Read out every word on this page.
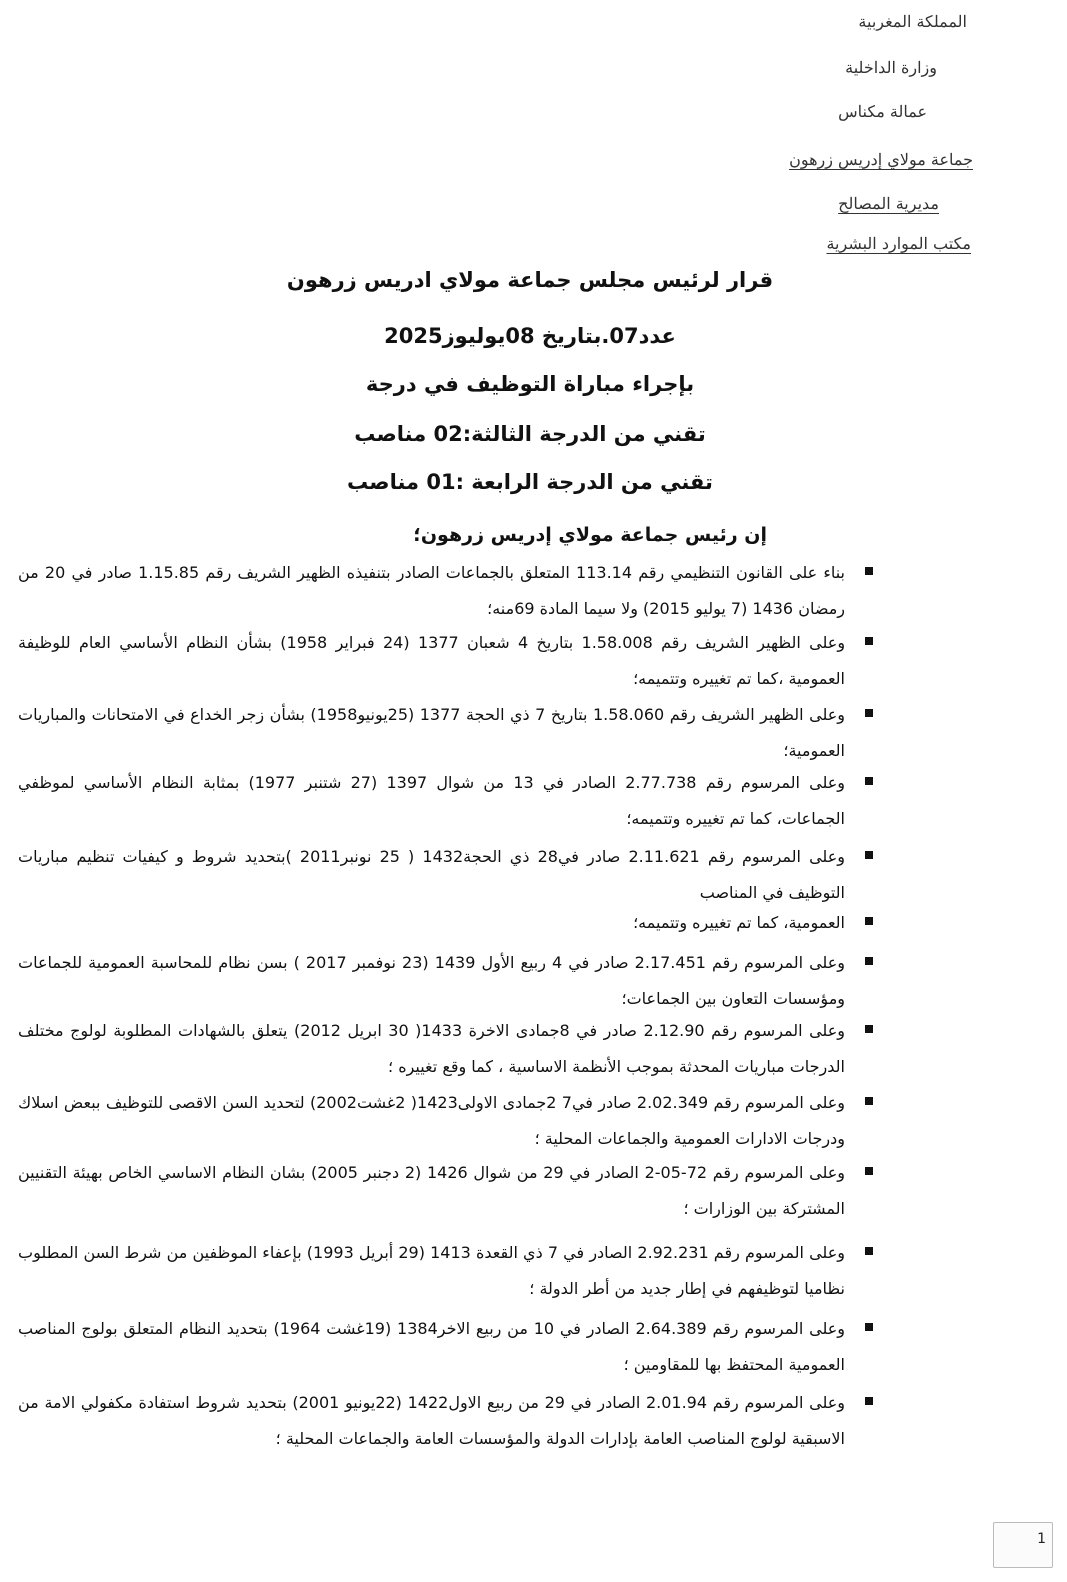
المملكة المغربية
وزارة الداخلية
عمالة مكناس
جماعة مولاي إدريس زرهون
مديرية المصالح
مكتب الموارد البشرية
قرار لرئيس مجلس جماعة مولاي ادريس زرهون
عدد07.بتاريخ 08يوليوز2025
بإجراء مباراة التوظيف في درجة
تقني من الدرجة الثالثة:02 مناصب
تقني من الدرجة الرابعة :01 مناصب
إن رئيس جماعة مولاي إدريس زرهون؛
بناء على القانون التنظيمي رقم 113.14 المتعلق بالجماعات الصادر بتنفيذه الظهير الشريف رقم 1.15.85 صادر في 20 من رمضان 1436 (7 يوليو 2015) ولا سيما المادة 69منه؛
وعلى الظهير الشريف رقم 1.58.008 بتاريخ 4 شعبان 1377 (24 فبراير 1958) بشأن النظام الأساسي العام للوظيفة العمومية ،كما تم تغييره وتتميمه؛
وعلى الظهير الشريف رقم 1.58.060 بتاريخ 7 ذي الحجة 1377 (25يونيو1958) بشأن زجر الخداع في الامتحانات والمباريات العمومية؛
وعلى المرسوم رقم 2.77.738 الصادر في 13 من شوال 1397 (27 شتنبر 1977) بمثابة النظام الأساسي لموظفي الجماعات، كما تم تغييره وتتميمه؛
وعلى المرسوم رقم 2.11.621 صادر في28 ذي الحجة1432 ( 25 نونبر2011 )بتحديد شروط و كيفيات تنظيم مباريات التوظيف في المناصب
العمومية، كما تم تغييره وتتميمه؛
وعلى المرسوم رقم 2.17.451 صادر في 4 ربيع الأول 1439 (23 نوفمبر 2017 ) بسن نظام للمحاسبة العمومية للجماعات ومؤسسات التعاون بين الجماعات؛
وعلى المرسوم رقم 2.12.90 صادر في 8جمادى الاخرة 1433( 30 ابريل 2012) يتعلق بالشهادات المطلوبة لولوج مختلف الدرجات مباريات المحدثة بموجب الأنظمة الاساسية ، كما وقع تغييره ؛
وعلى المرسوم رقم 2.02.349 صادر في7 2جمادى الاولى1423( 2غشت2002) لتحديد السن الاقصى للتوظيف ببعض اسلاك ودرجات الادارات العمومية والجماعات المحلية ؛
وعلى المرسوم رقم 72-05-2 الصادر في 29 من شوال 1426 (2 دجنبر 2005) بشان النظام الاساسي الخاص بهيئة التقنيين المشتركة بين الوزارات ؛
وعلى المرسوم رقم 2.92.231 الصادر في 7 ذي القعدة 1413 (29 أبريل 1993) بإعفاء الموظفين من شرط السن المطلوب نظاميا لتوظيفهم في إطار جديد من أطر الدولة ؛
وعلى المرسوم رقم 2.64.389 الصادر في 10 من ربيع الاخر1384 (19غشت 1964) بتحديد النظام المتعلق بولوج المناصب العمومية المحتفظ بها للمقاومين ؛
وعلى المرسوم رقم 2.01.94 الصادر في 29 من ربيع الاول1422 (22يونيو 2001) بتحديد شروط استفادة مكفولي الامة من الاسبقية لولوج المناصب العامة بإدارات الدولة والمؤسسات العامة والجماعات المحلية ؛
1
